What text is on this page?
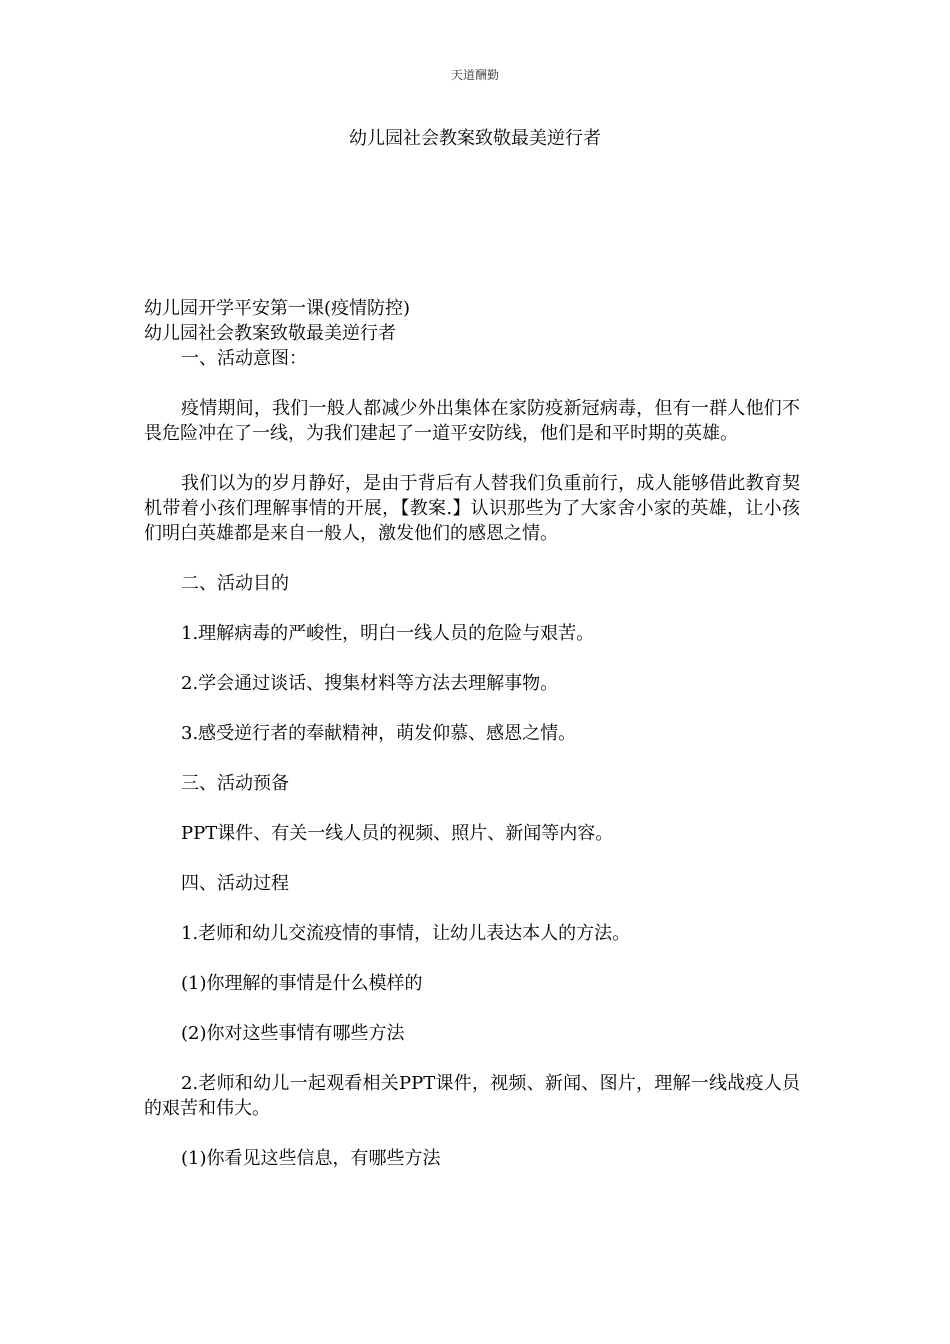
天道酬勤
幼儿园社会教案致敬最美逆行者

幼儿园开学平安第一课(疫情防控)

幼儿园社会教案致敬最美逆行者

一、活动意图：

疫情期间，我们一般人都减少外出集体在家防疫新冠病毒，但有一群人他们不畏危险冲在了一线，为我们建起了一道平安防线，他们是和平时期的英雄。

我们以为的岁月静好，是由于背后有人替我们负重前行，成人能够借此教育契机带着小孩们理解事情的开展，【教案.】认识那些为了大家舍小家的英雄，让小孩们明白英雄都是来自一般人，激发他们的感恩之情。

二、活动目的

1.理解病毒的严峻性，明白一线人员的危险与艰苦。

2.学会通过谈话、搜集材料等方法去理解事物。

3.感受逆行者的奉献精神，萌发仰慕、感恩之情。

三、活动预备

PPT课件、有关一线人员的视频、照片、新闻等内容。

四、活动过程

1.老师和幼儿交流疫情的事情，让幼儿表达本人的方法。

(1)你理解的事情是什么模样的

(2)你对这些事情有哪些方法

2.老师和幼儿一起观看相关PPT课件，视频、新闻、图片，理解一线战疫人员的艰苦和伟大。

(1)你看见这些信息，有哪些方法
